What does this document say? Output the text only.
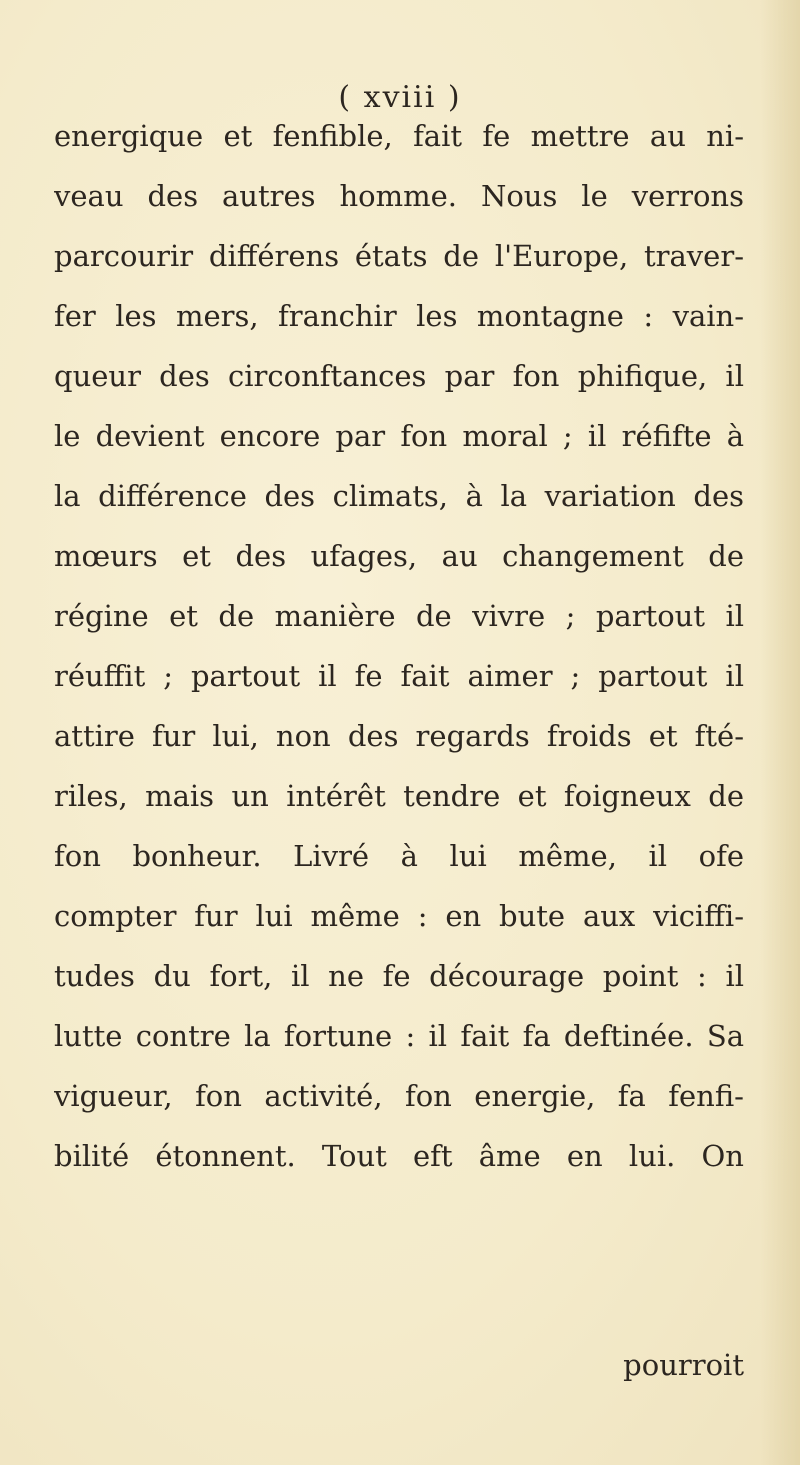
( xviii )
energique et fenfible, fait fe mettre au ni-
veau des autres homme. Nous le verrons
parcourir différens états de l'Europe, traver-
fer les mers, franchir les montagne : vain-
queur des circonftances par fon phifique, il
le devient encore par fon moral ; il réfifte à
la différence des climats, à la variation des
mœurs et des ufages, au changement de
régine et de manière de vivre ; partout il
réuffit ; partout il fe fait aimer ; partout il
attire fur lui, non des regards froids et fté-
riles, mais un intérêt tendre et foigneux de
fon bonheur. Livré à lui même, il ofe
compter fur lui même : en bute aux viciffi-
tudes du fort, il ne fe décourage point : il
lutte contre la fortune : il fait fa deftinée. Sa
vigueur, fon activité, fon energie, fa fenfi-
bilité étonnent. Tout eft âme en lui. On
pourroit
